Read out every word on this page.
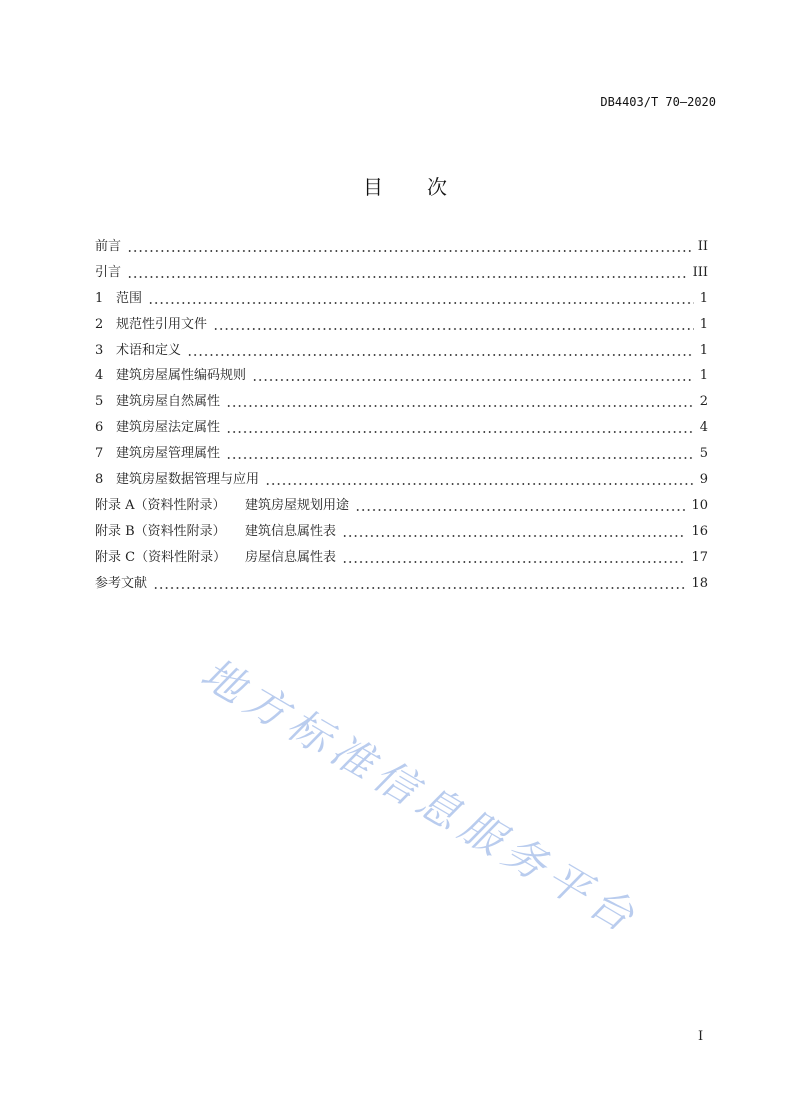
DB4403/T 70—2020
目 次
前言	II
引言	III
1 范围	1
2 规范性引用文件	1
3 术语和定义	1
4 建筑房屋属性编码规则	1
5 建筑房屋自然属性	2
6 建筑房屋法定属性	4
7 建筑房屋管理属性	5
8 建筑房屋数据管理与应用	9
附录 A（资料性附录）	建筑房屋规划用途	10
附录 B（资料性附录）	建筑信息属性表	16
附录 C（资料性附录）	房屋信息属性表	17
参考文献	18
地方标准信息服务平台
I
